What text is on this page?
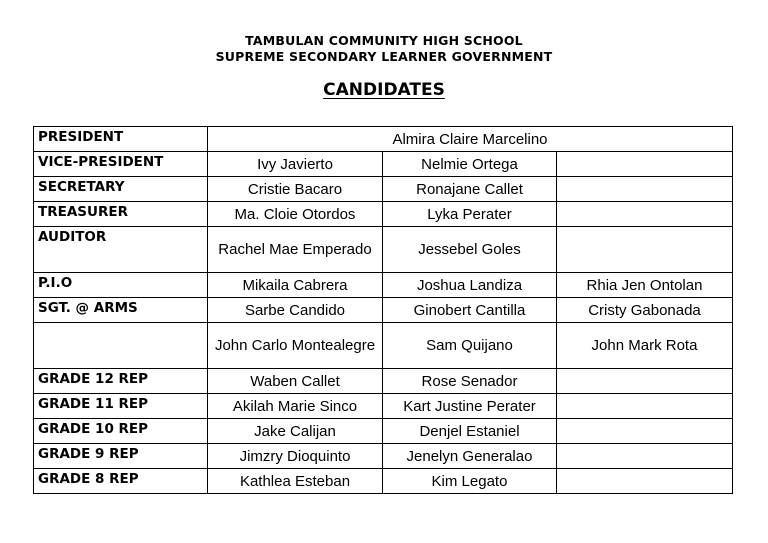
TAMBULAN COMMUNITY HIGH SCHOOL
SUPREME SECONDARY LEARNER GOVERNMENT
CANDIDATES
PRESIDENT	Almira Claire Marcelino		
VICE-PRESIDENT	Ivy Javierto	Nelmie Ortega	
SECRETARY	Cristie Bacaro	Ronajane Callet	
TREASURER	Ma. Cloie Otordos	Lyka Perater	
AUDITOR	Rachel Mae Emperado	Jessebel Goles	
P.I.O	Mikaila Cabrera	Joshua Landiza	Rhia Jen Ontolan
SGT. @ ARMS	Sarbe Candido	Ginobert Cantilla	Cristy Gabonada
	John Carlo Montealegre	Sam Quijano	John Mark Rota
GRADE 12 REP	Waben Callet	Rose Senador	
GRADE 11 REP	Akilah Marie Sinco	Kart Justine Perater	
GRADE 10 REP	Jake Calijan	Denjel Estaniel	
GRADE 9 REP	Jimzry Dioquinto	Jenelyn Generalao	
GRADE 8 REP	Kathlea Esteban	Kim Legato	
